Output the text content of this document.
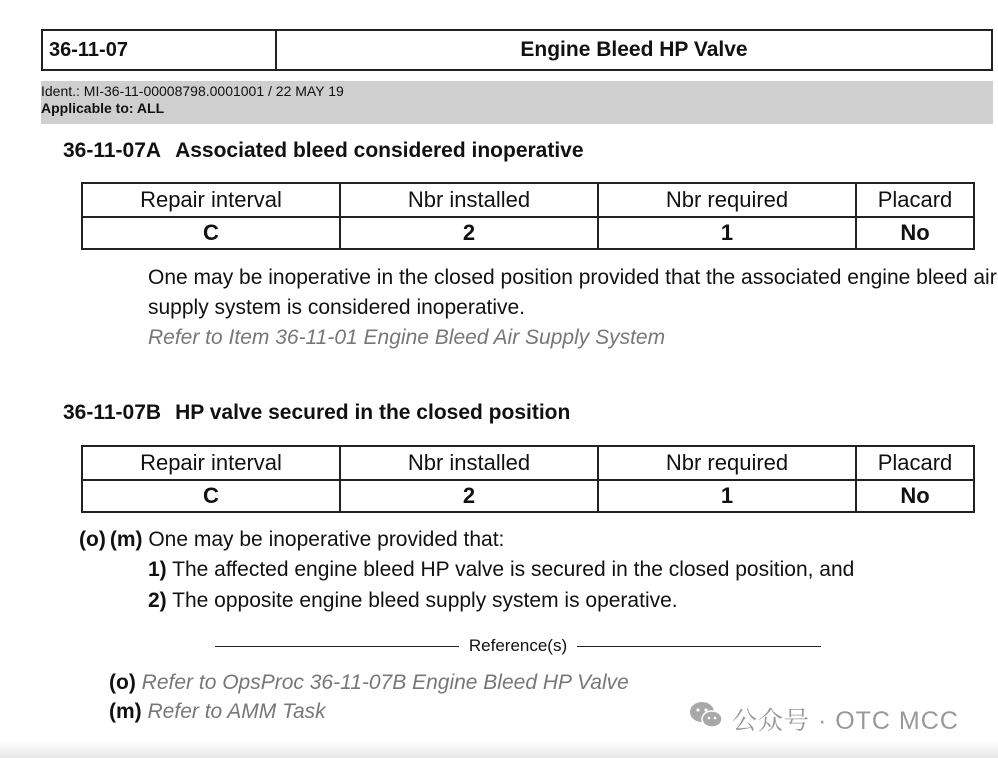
36-11-07	Engine Bleed HP Valve
Ident.: MI-36-11-00008798.0001001 / 22 MAY 19
Applicable to: ALL
36-11-07A Associated bleed considered inoperative
Repair interval	Nbr installed	Nbr required	Placard
C	2	1	No
One may be inoperative in the closed position provided that the associated engine bleed air
supply system is considered inoperative.
Refer to Item 36-11-01 Engine Bleed Air Supply System
36-11-07B HP valve secured in the closed position
Repair interval	Nbr installed	Nbr required	Placard
C	2	1	No
(o) (m) One may be inoperative provided that:
1) The affected engine bleed HP valve is secured in the closed position, and
2) The opposite engine bleed supply system is operative.
Reference(s)
(o) Refer to OpsProc 36-11-07B Engine Bleed HP Valve
(m) Refer to AMM Task	公众号 · OTC MCC
